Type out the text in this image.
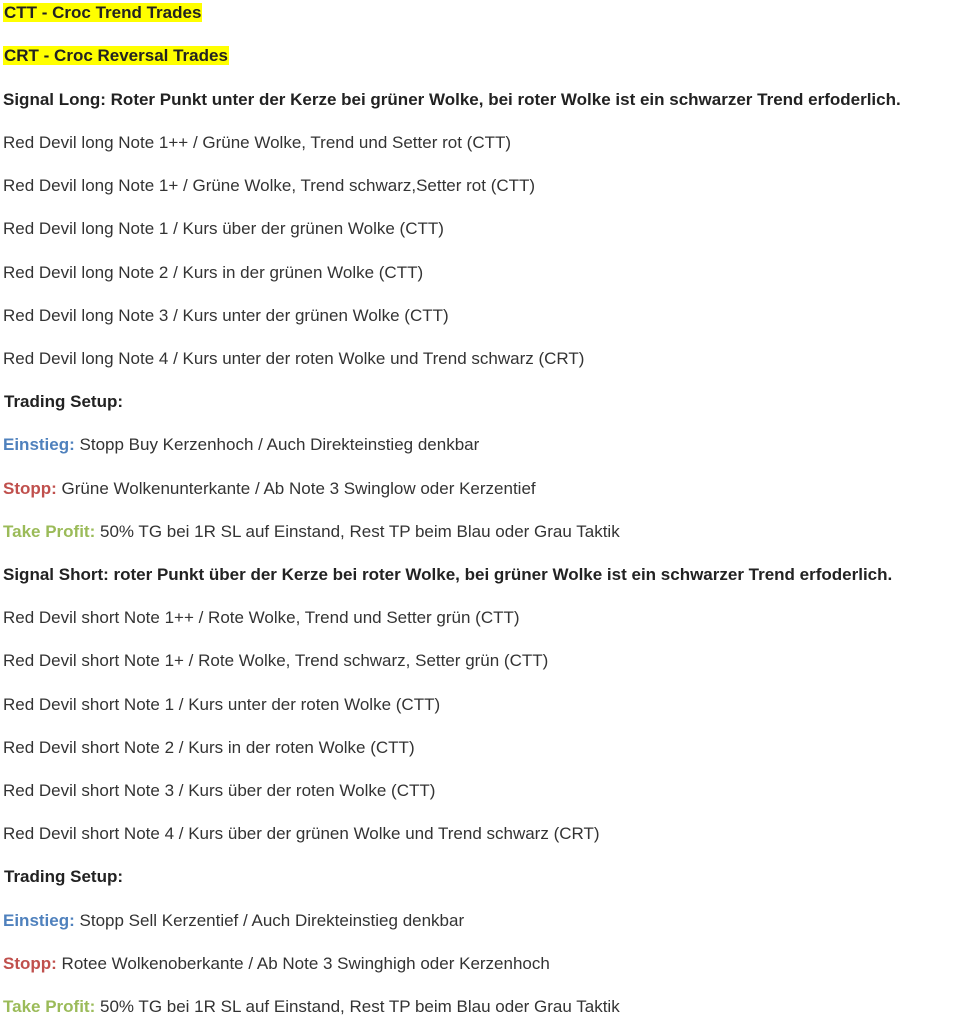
CTT - Croc Trend Trades
CRT - Croc Reversal Trades
Signal Long: Roter Punkt unter der Kerze bei grüner Wolke, bei roter Wolke ist ein schwarzer Trend erfoderlich.
Red Devil long Note 1++ / Grüne Wolke, Trend und Setter rot (CTT)
Red Devil long Note 1+ / Grüne Wolke, Trend schwarz,Setter rot (CTT)
Red Devil long Note 1 / Kurs über der grünen Wolke (CTT)
Red Devil long Note 2 / Kurs in der grünen Wolke (CTT)
Red Devil long Note 3 / Kurs unter der grünen Wolke (CTT)
Red Devil long Note 4 / Kurs unter der roten Wolke und Trend schwarz (CRT)
Trading Setup:
Einstieg: Stopp Buy Kerzenhoch / Auch Direkteinstieg denkbar
Stopp: Grüne Wolkenunterkante / Ab Note 3 Swinglow oder Kerzentief
Take Profit: 50% TG bei 1R SL auf Einstand, Rest TP beim Blau oder Grau Taktik
Signal Short: roter Punkt über der Kerze bei roter Wolke, bei grüner Wolke ist ein schwarzer Trend erfoderlich.
Red Devil short Note 1++ / Rote Wolke, Trend und Setter grün (CTT)
Red Devil short Note 1+ / Rote Wolke, Trend schwarz, Setter grün (CTT)
Red Devil short Note 1 / Kurs unter der roten Wolke (CTT)
Red Devil short Note 2 / Kurs in der roten Wolke (CTT)
Red Devil short Note 3 / Kurs über der roten Wolke (CTT)
Red Devil short Note 4 / Kurs über der grünen Wolke und Trend schwarz (CRT)
Trading Setup:
Einstieg: Stopp Sell Kerzentief / Auch Direkteinstieg denkbar
Stopp: Rotee Wolkenoberkante / Ab Note 3 Swinghigh oder Kerzenhoch
Take Profit: 50% TG bei 1R SL auf Einstand, Rest TP beim Blau oder Grau Taktik
